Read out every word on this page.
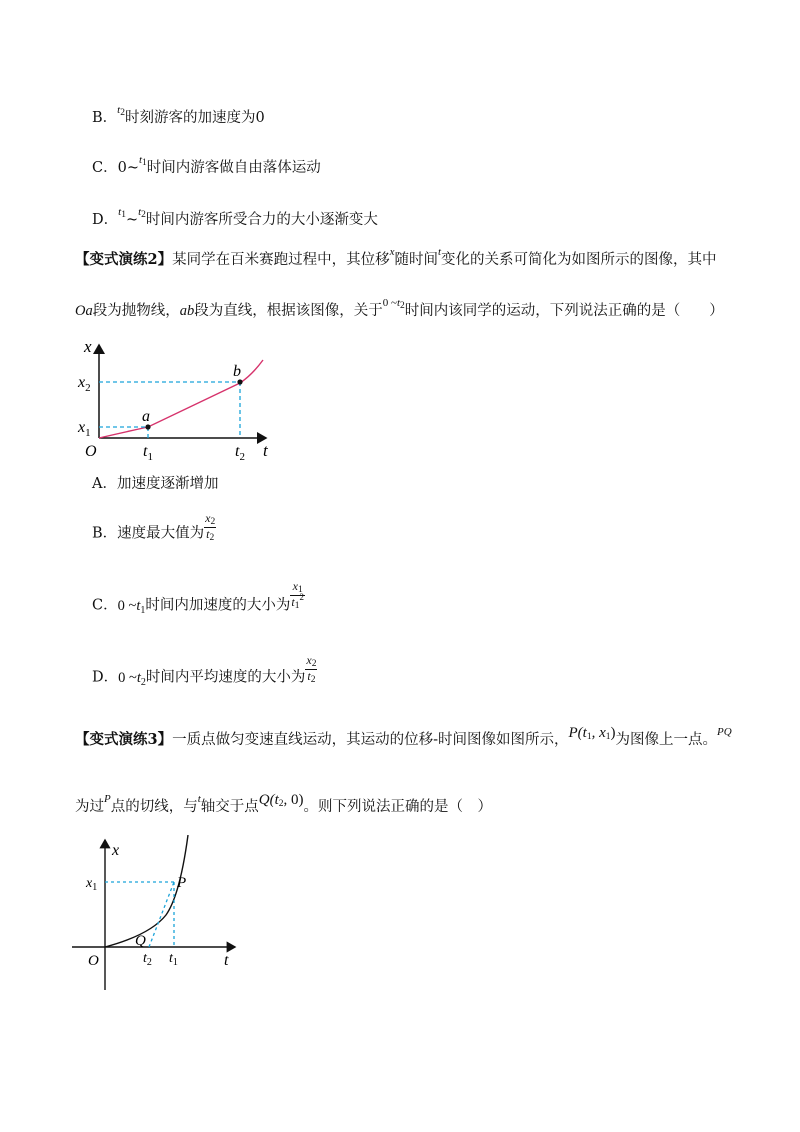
B．$^{t2}$时刻游客的加速度为0
C．0~$^{t1}$时间内游客做自由落体运动
D．$^{t1}$~$^{t2}$时间内游客所受合力的大小逐渐变大
【变式演练2】某同学在百米赛跑过程中，其位移$^x$随时间$^t$变化的关系可简化为如图所示的图像，其中
Oa段为抛物线，ab段为直线，根据该图像，关于$^{0 \sim t2}$时间内该同学的运动，下列说法正确的是（　　）
a
b
x
t
O
$x_2$
$x_1$
$t_1$	$t_2$
A．加速度逐渐增加
B．速度最大值为 $\frac{x2}{t2}$
C．0 $\sim t_1$时间内加速度的大小为 $\frac{x1}{t1^2}$
D．0 $\sim t_2$时间内平均速度的大小为 $\frac{x2}{t2}$
【变式演练3】一质点做匀变速直线运动，其运动的位移-时间图像如图所示，P(t1, x1)为图像上一点。$^{PQ}$
为过$^P$点的切线，与$^t$轴交于点Q(t2, 0)。则下列说法正确的是（　）
x
t
O
$x_1$	P
Q
$t_2$ $t_1$
